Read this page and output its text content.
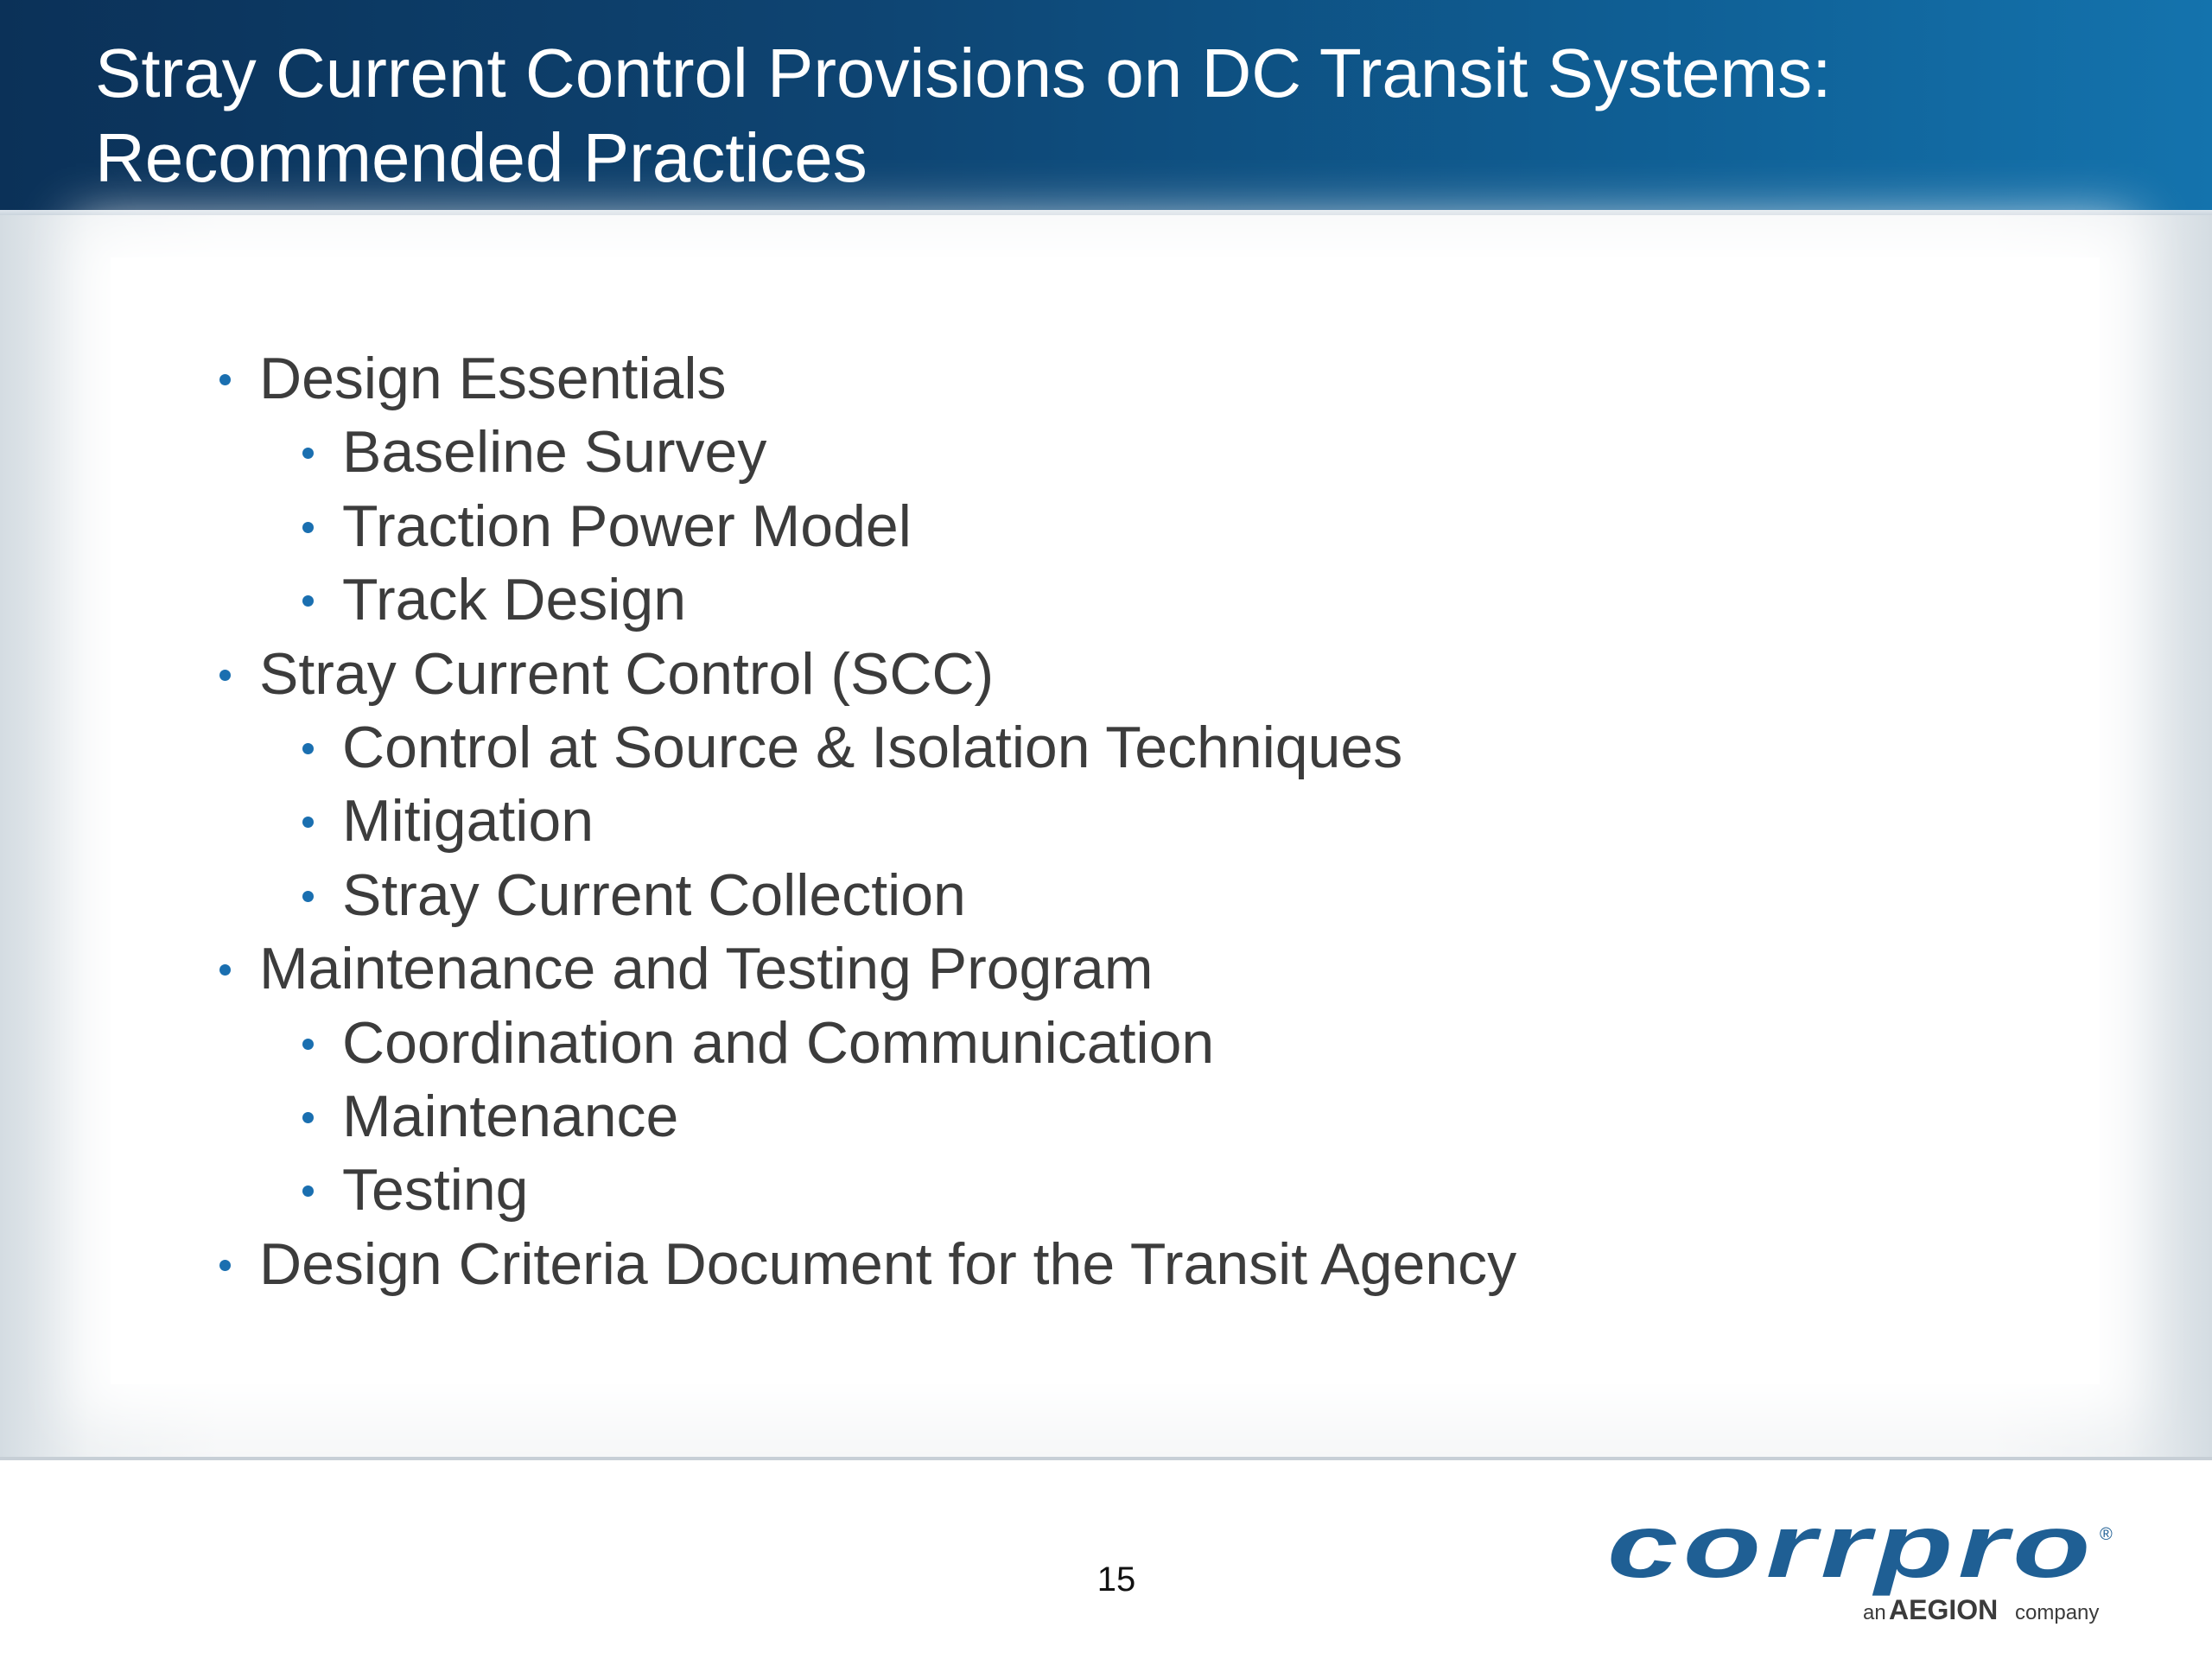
Stray Current Control Provisions on DC Transit Systems:
Recommended Practices
Design Essentials
Baseline Survey
Traction Power Model
Track Design
Stray Current Control (SCC)
Control at Source & Isolation Techniques
Mitigation
Stray Current Collection
Maintenance and Testing Program
Coordination and Communication
Maintenance
Testing
Design Criteria Document for the Transit Agency
15	corrpro ®
an AEGION company
